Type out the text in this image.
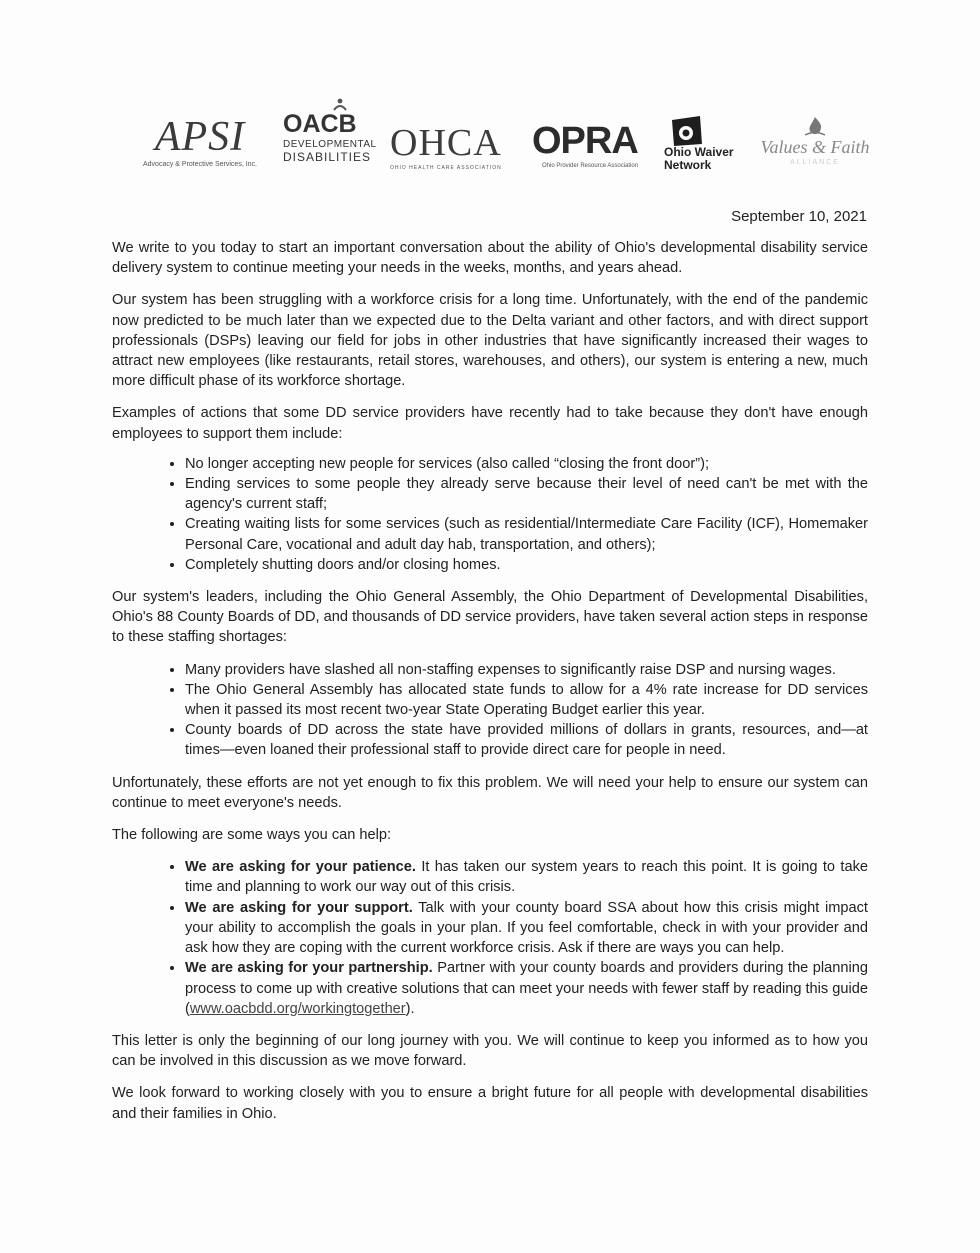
APSI
Advocacy & Protective Services, Inc.
OACB
DEVELOPMENTAL
DISABILITIES OHCA
OHIO HEALTH CARE ASSOCIATION
OPRA
Ohio Provider Resource Association
Ohio Waiver
Network
Values & Faith
ALLIANCE
September 10, 2021

We write to you today to start an important conversation about the ability of Ohio's developmental disability service delivery system to continue meeting your needs in the weeks, months, and years ahead.

Our system has been struggling with a workforce crisis for a long time. Unfortunately, with the end of the pandemic now predicted to be much later than we expected due to the Delta variant and other factors, and with direct support professionals (DSPs) leaving our field for jobs in other industries that have significantly increased their wages to attract new employees (like restaurants, retail stores, warehouses, and others), our system is entering a new, much more difficult phase of its workforce shortage.

Examples of actions that some DD service providers have recently had to take because they don't have enough employees to support them include:

• No longer accepting new people for services (also called “closing the front door”);
• Ending services to some people they already serve because their level of need can't be met with the agency's current staff;
• Creating waiting lists for some services (such as residential/Intermediate Care Facility (ICF), Homemaker Personal Care, vocational and adult day hab, transportation, and others);
• Completely shutting doors and/or closing homes.

Our system's leaders, including the Ohio General Assembly, the Ohio Department of Developmental Disabilities, Ohio's 88 County Boards of DD, and thousands of DD service providers, have taken several action steps in response to these staffing shortages:

• Many providers have slashed all non-staffing expenses to significantly raise DSP and nursing wages.
• The Ohio General Assembly has allocated state funds to allow for a 4% rate increase for DD services when it passed its most recent two-year State Operating Budget earlier this year.
• County boards of DD across the state have provided millions of dollars in grants, resources, and—at times—even loaned their professional staff to provide direct care for people in need.

Unfortunately, these efforts are not yet enough to fix this problem. We will need your help to ensure our system can continue to meet everyone's needs.

The following are some ways you can help:

• We are asking for your patience. It has taken our system years to reach this point. It is going to take time and planning to work our way out of this crisis.
• We are asking for your support. Talk with your county board SSA about how this crisis might impact your ability to accomplish the goals in your plan. If you feel comfortable, check in with your provider and ask how they are coping with the current workforce crisis. Ask if there are ways you can help.
• We are asking for your partnership. Partner with your county boards and providers during the planning process to come up with creative solutions that can meet your needs with fewer staff by reading this guide (www.oacbdd.org/workingtogether).

This letter is only the beginning of our long journey with you. We will continue to keep you informed as to how you can be involved in this discussion as we move forward.

We look forward to working closely with you to ensure a bright future for all people with developmental disabilities and their families in Ohio.
